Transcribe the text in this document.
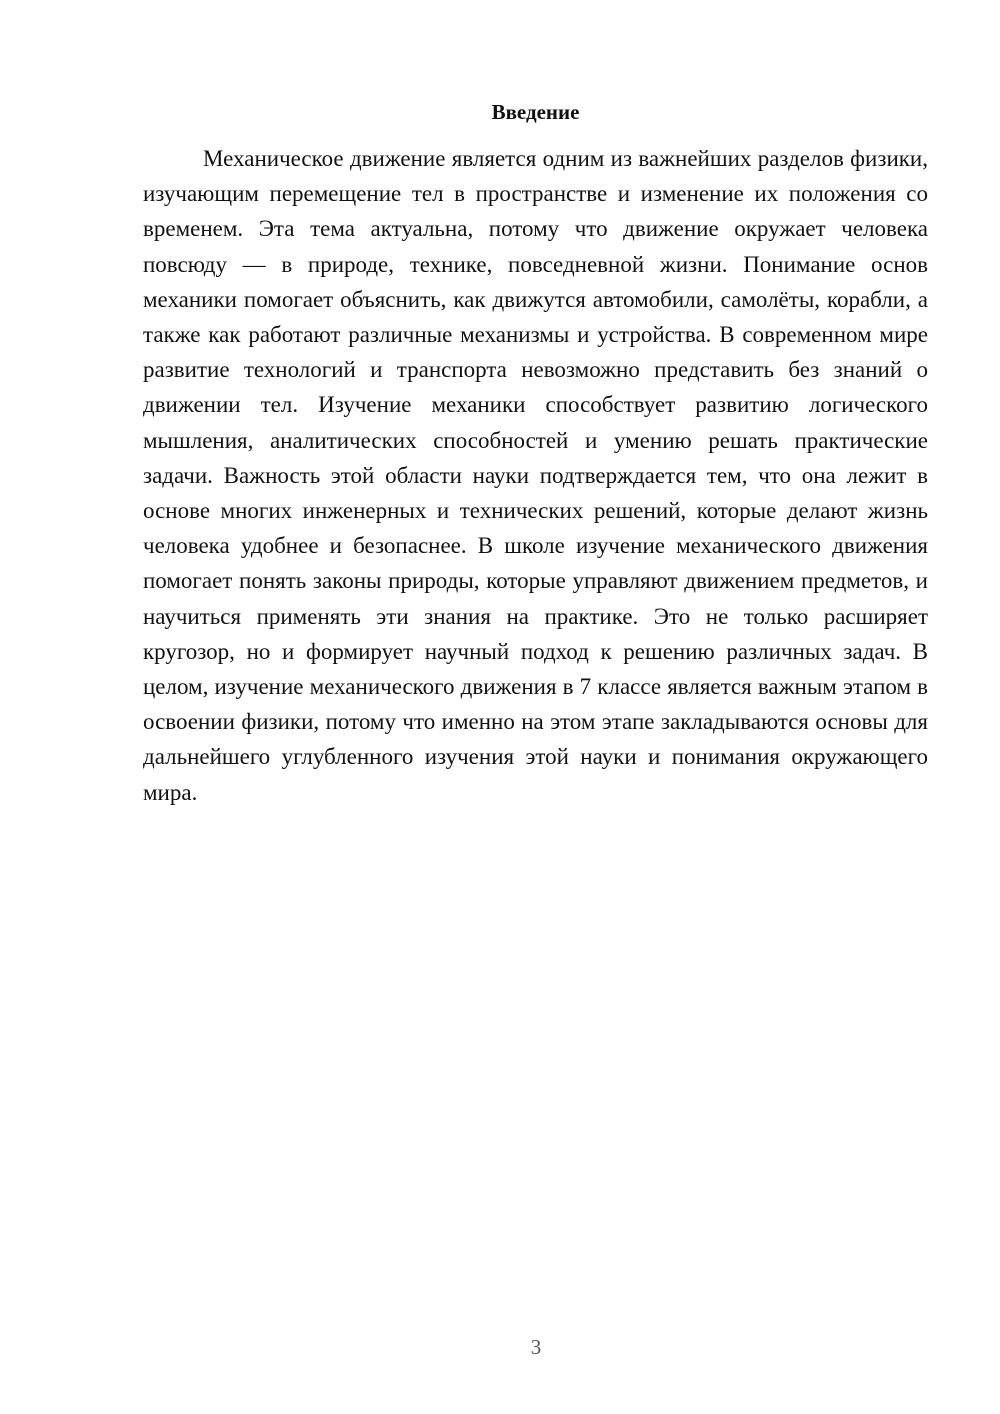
Введение

Механическое движение является одним из важнейших разделов физики, изучающим перемещение тел в пространстве и изменение их положения со временем. Эта тема актуальна, потому что движение окружает человека повсюду — в природе, технике, повседневной жизни. Понимание основ механики помогает объяснить, как движутся автомобили, самолёты, корабли, а также как работают различные механизмы и устройства. В современном мире развитие технологий и транспорта невозможно представить без знаний о движении тел. Изучение механики способствует развитию логического мышления, аналитических способностей и умению решать практические задачи. Важность этой области науки подтверждается тем, что она лежит в основе многих инженерных и технических решений, которые делают жизнь человека удобнее и безопаснее. В школе изучение механического движения помогает понять законы природы, которые управляют движением предметов, и научиться применять эти знания на практике. Это не только расширяет кругозор, но и формирует научный подход к решению различных задач. В целом, изучение механического движения в 7 классе является важным этапом в освоении физики, потому что именно на этом этапе закладываются основы для дальнейшего углубленного изучения этой науки и понимания окружающего мира.

3
